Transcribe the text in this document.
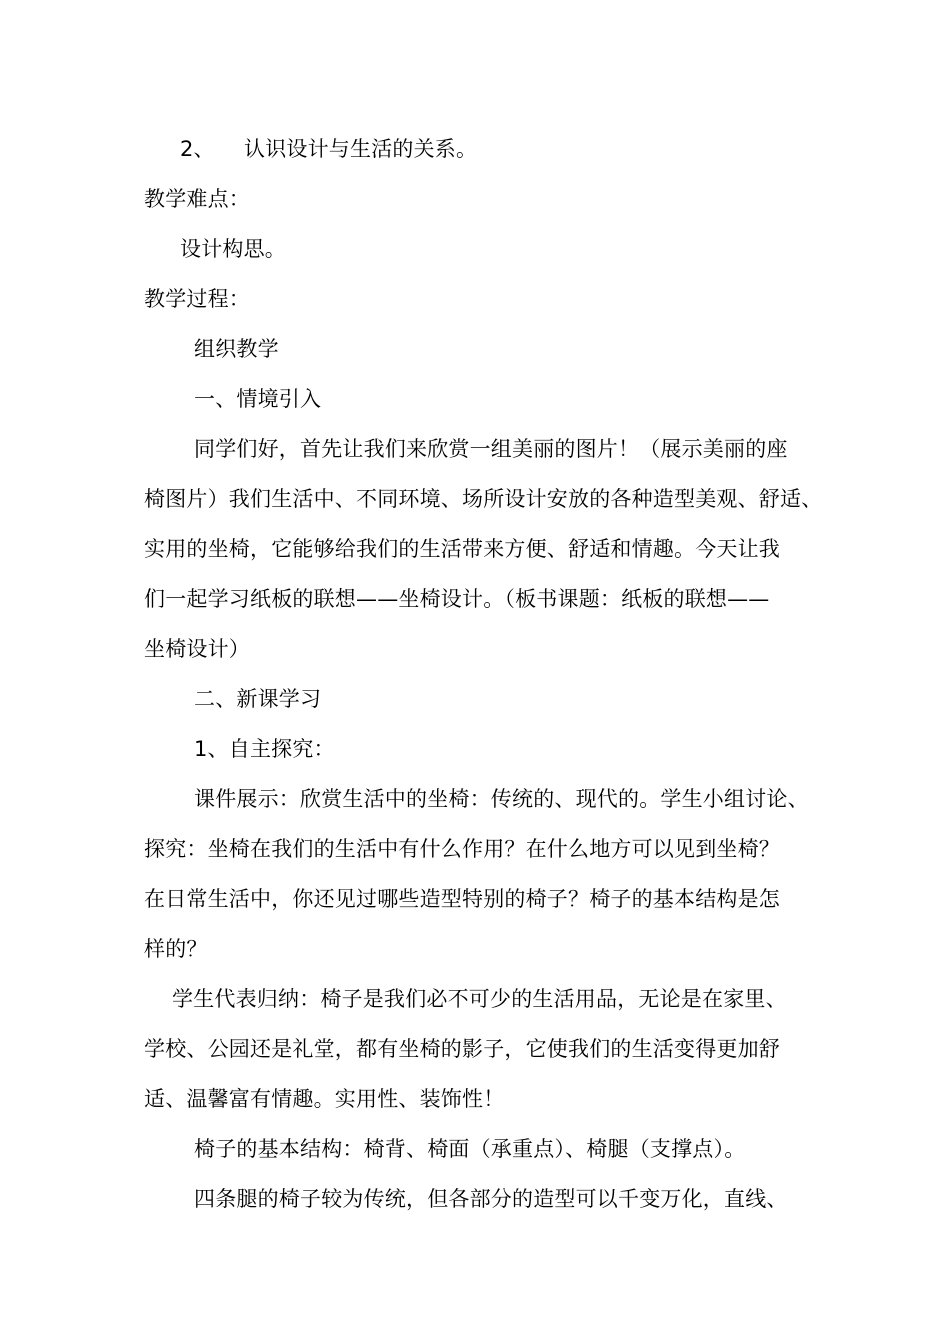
2、 认识设计与生活的关系。
教学难点：
设计构思。
教学过程：
组织教学
一、情境引入
同学们好，首先让我们来欣赏一组美丽的图片！（展示美丽的座
椅图片）我们生活中、不同环境、场所设计安放的各种造型美观、舒适、
实用的坐椅，它能够给我们的生活带来方便、舒适和情趣。今天让我
们一起学习纸板的联想——坐椅设计。（板书课题：纸板的联想——
坐椅设计）
二、新课学习
1、自主探究：
课件展示：欣赏生活中的坐椅：传统的、现代的。学生小组讨论、
探究：坐椅在我们的生活中有什么作用？在什么地方可以见到坐椅？
在日常生活中，你还见过哪些造型特别的椅子？椅子的基本结构是怎
样的？
学生代表归纳：椅子是我们必不可少的生活用品，无论是在家里、
学校、公园还是礼堂，都有坐椅的影子，它使我们的生活变得更加舒
适、温馨富有情趣。实用性、装饰性！
椅子的基本结构：椅背、椅面（承重点）、椅腿（支撑点）。
四条腿的椅子较为传统，但各部分的造型可以千变万化，直线、
